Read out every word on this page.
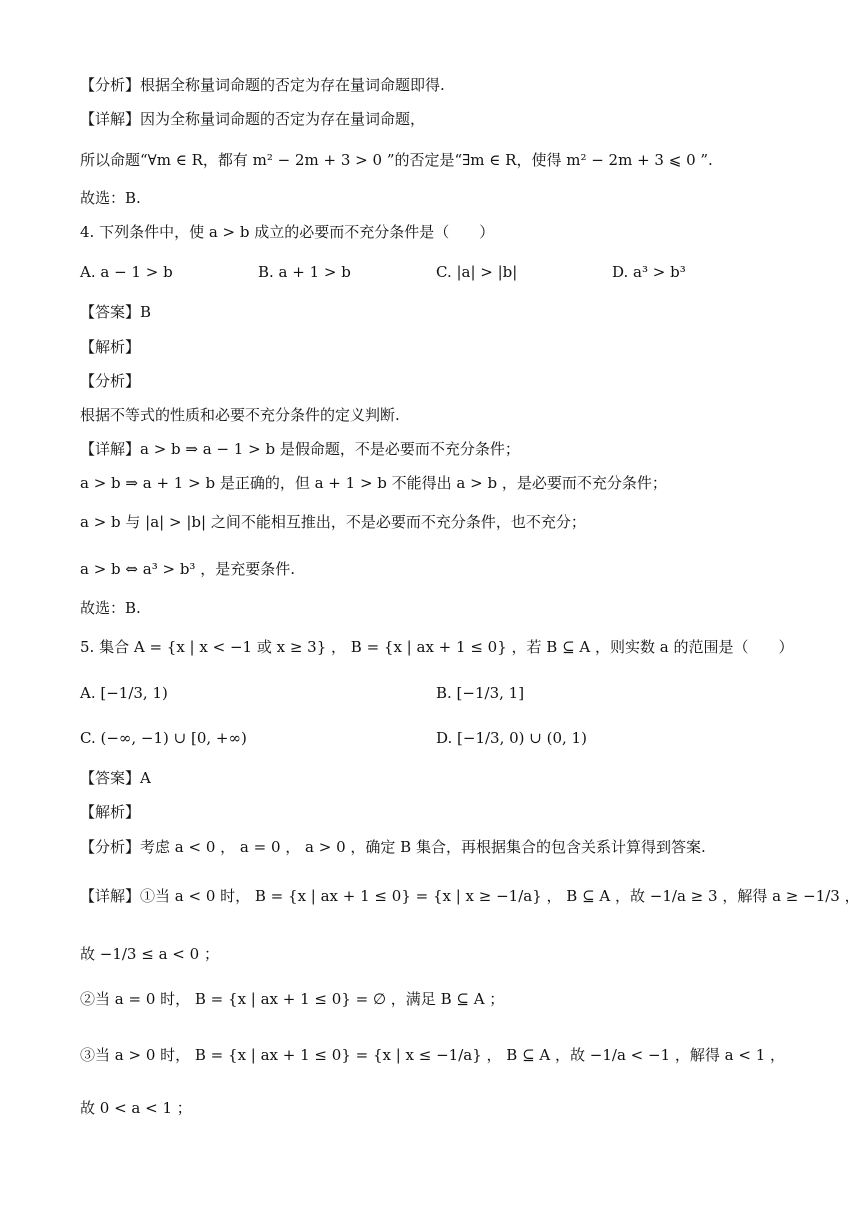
【分析】根据全称量词命题的否定为存在量词命题即得.
【详解】因为全称量词命题的否定为存在量词命题，
所以命题“∀m ∈ R，都有 m² − 2m + 3 > 0 ”的否定是“∃m ∈ R，使得 m² − 2m + 3 ⩽ 0 ”.
故选：B.
4. 下列条件中，使 a > b 成立的必要而不充分条件是（　　）
A. a − 1 > b	B. a + 1 > b	C. |a| > |b|	D. a³ > b³
【答案】B
【解析】
【分析】
根据不等式的性质和必要不充分条件的定义判断.
【详解】a > b ⇒ a − 1 > b 是假命题，不是必要而不充分条件；
a > b ⇒ a + 1 > b 是正确的，但 a + 1 > b 不能得出 a > b ，是必要而不充分条件；
a > b 与 |a| > |b| 之间不能相互推出，不是必要而不充分条件，也不充分；
a > b ⇔ a³ > b³ ，是充要条件.
故选：B.
5. 集合 A = {x | x < −1 或 x ≥ 3} ， B = {x | ax + 1 ≤ 0} ，若 B ⊆ A ，则实数 a 的范围是（　　）
A. [−1/3, 1)	B. [−1/3, 1]
C. (−∞, −1) ∪ [0, +∞)	D. [−1/3, 0) ∪ (0, 1)
【答案】A
【解析】
【分析】考虑 a < 0 ， a = 0 ， a > 0 ，确定 B 集合，再根据集合的包含关系计算得到答案.
【详解】①当 a < 0 时， B = {x | ax + 1 ≤ 0} = {x | x ≥ −1/a} ， B ⊆ A ，故 −1/a ≥ 3 ，解得 a ≥ −1/3 ，
故 −1/3 ≤ a < 0 ；
②当 a = 0 时， B = {x | ax + 1 ≤ 0} = ∅ ，满足 B ⊆ A ；
③当 a > 0 时， B = {x | ax + 1 ≤ 0} = {x | x ≤ −1/a} ， B ⊆ A ，故 −1/a < −1 ，解得 a < 1 ，
故 0 < a < 1 ；
